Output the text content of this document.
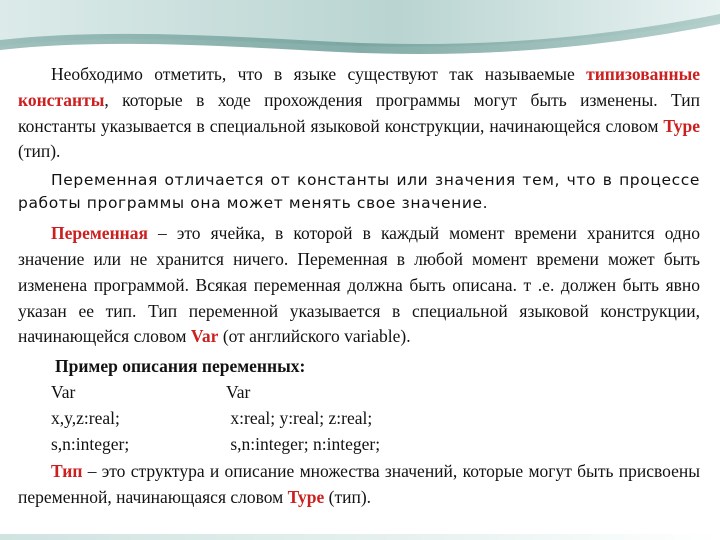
Необходимо отметить, что в языке существуют так называемые типизованные константы, которые в ходе прохождения программы могут быть изменены. Тип константы указывается в специальной языковой конструкции, начинающейся словом Type (тип).

Переменная отличается от константы или значения тем, что в процессе работы программы она может менять свое значение.

Переменная – это ячейка, в которой в каждый момент времени хранится одно значение или не хранится ничего. Переменная в любой момент времени может быть изменена программой. Всякая переменная должна быть описана. т .е. должен быть явно указан ее тип. Тип переменной указывается в специальной языковой конструкции, начинающейся словом Var (от английского variable).

Пример описания переменных:

Var	Var
x,y,z:real;	x:real; y:real; z:real;
s,n:integer;	s,n:integer; n:integer;

Тип – это структура и описание множества значений, которые могут быть присвоены переменной, начинающаяся словом Type (тип).
